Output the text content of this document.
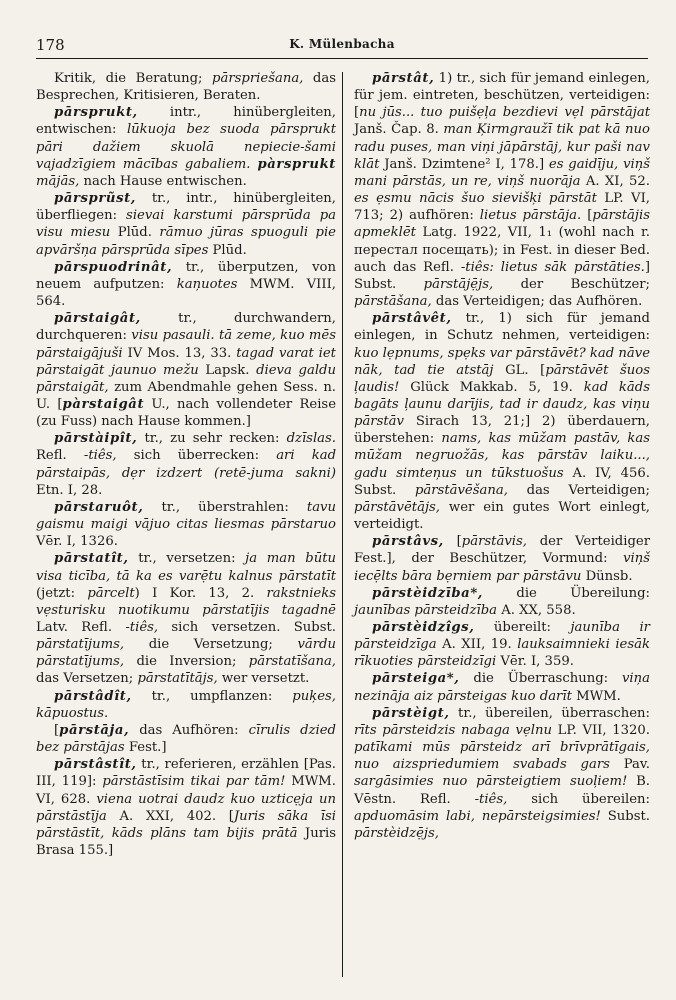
178	K. Mülenbacha

Kritik, die Beratung; pārspriešana, das Besprechen, Kritisieren, Beraten.

pārsprukt, intr., hinübergleiten, entwischen: lūkuoja bez suoda pārsprukt pāri dažiem skuolā nepiecie-šami vajadzīgiem mācības gabaliem. pàrsprukt mājās, nach Hause entwischen.

pārsprũst, tr., intr., hinübergleiten, überfliegen: sievai karstumi pārsprūda pa visu miesu Plūd. rāmuo jūras spuoguli pie apvāršņa pārsprūda sīpes Plūd.

pārspuodrinât, tr., überputzen, von neuem aufputzen: kaņuotes MWM. VIII, 564.

pārstaigât, tr., durchwandern, durchqueren: visu pasauli. tā zeme, kuo mēs pārstaigājuši IV Mos. 13, 33. tagad varat iet pārstaigāt jaunuo mežu Lapsk. dievа galdu pārstaigāt, zum Abendmahle gehen Sess. n. U. [pàrstaigât U., nach vollendeter Reise (zu Fuss) nach Hause kommen.]

pārstàipît, tr., zu sehr recken: dzīslas. Refl. -tiês, sich überrecken: ari kad pārstaipās, dẹr izdzert (retē-juma sakni) Etn. I, 28.

pārstaruôt, tr., überstrahlen: tavu gaismu maigi vājuo citas liesmas pārstaruo Vēr. I, 1326.

pārstatît, tr., versetzen: ja man būtu visa ticība, tā ka es varẹ̄tu kalnus pārstatīt (jetzt: pārcelt) I Kor. 13, 2. rakstnieks vẹsturisku nuotikumu pārstatījis tagadnē Latv. Refl. -tiês, sich versetzen. Subst. pārstatījums, die Versetzung; vārdu pārstatījums, die Inversion; pārstatīšana, das Versetzen; pārstatītājs, wer versetzt.

pārstâdît, tr., umpflanzen: puķes, kāpuostus.

[pārstāja, das Aufhören: cīrulis dzied bez pārstājas Fest.]

pārstâstît, tr., referieren, erzählen [Pas. III, 119]: pārstāstīsim tikai par tām! MWM. VI, 628. viena uotrai daudz kuo uzticẹja un pārstāstīja A. XXI, 402. [Juris sāka īsi pārstāstīt, kāds plāns tam bijis prātā Juris Brasa 155.]

pārstât, 1) tr., sich für jemand einlegen, für jem. eintreten, beschützen, verteidigen: [nu jūs... tuo puišẹļa bezdievi vẹl pārstājat Janš. Čap. 8. man Ķirmgraužī tik pat kā nuo radu puses, man viņi jāpārstāj, kur paši nav klāt Janš. Dzimtene² I, 178.] es gaidīju, viņš mani pārstās, un re, viņš nuorāja A. XI, 52. es ẹsmu nācis šuo sievišķi pārstāt LP. VI, 713; 2) aufhören: lietus pārstāja. [pārstājis apmeklēt Latg. 1922, VII, 1₁ (wohl nach r. перестал посещать); in Fest. in dieser Bed. auch das Refl. -tiês: lietus sāk pārstāties.] Subst. pārstājẹ̄js, der Beschützer; pārstāšana, das Verteidigen; das Aufhören.

pārstâvêt, tr., 1) sich für jemand einlegen, in Schutz nehmen, verteidigen: kuo lẹpnums, spẹks var pārstāvēt? kad nāve nāk, tad tie atstāj GL. [pārstāvēt šuos ļaudis! Glück Makkab. 5, 19. kad kāds bagāts ļaunu darījis, tad ir daudz, kas viņu pārstāv Sirach 13, 21;] 2) überdauern, überstehen: nams, kas mūžam pastāv, kas mūžam negruožās, kas pārstāv laiku..., gadu simteņus un tūkstuošus A. IV, 456. Subst. pārstāvēšana, das Verteidigen; pārstāvētājs, wer ein gutes Wort einlegt, verteidigt.

pārstâvs, [pārstāvis, der Verteidiger Fest.], der Beschützer, Vormund: viņš iecẹ̄lts bāra bẹrniem par pārstāvu Dünsb.

pārstèidzība*, die Übereilung: jaunības pārsteidzība A. XX, 558.

pārstèidzîgs, übereilt: jaunība ir pārsteidzīga A. XII, 19. lauksaimnieki iesāk rīkuoties pārsteidzīgi Vēr. I, 359.

pārsteiga*, die Überraschung: viņa nezināja aiz pārsteigas kuo darīt MWM.

pārstèigt, tr., übereilen, überraschen: rīts pārsteidzis nabaga vẹlnu LP. VII, 1320. patīkami mūs pārsteidz arī brīvprātīgais, nuo aizspriedumiem svabads gars Pav. sargāsimies nuo pārsteigtiem suoļiem! B. Vēstn. Refl. -tiês, sich übereilen: apduomāsim labi, nepārsteigsimies! Subst. pārstèidzẹ̄js,
